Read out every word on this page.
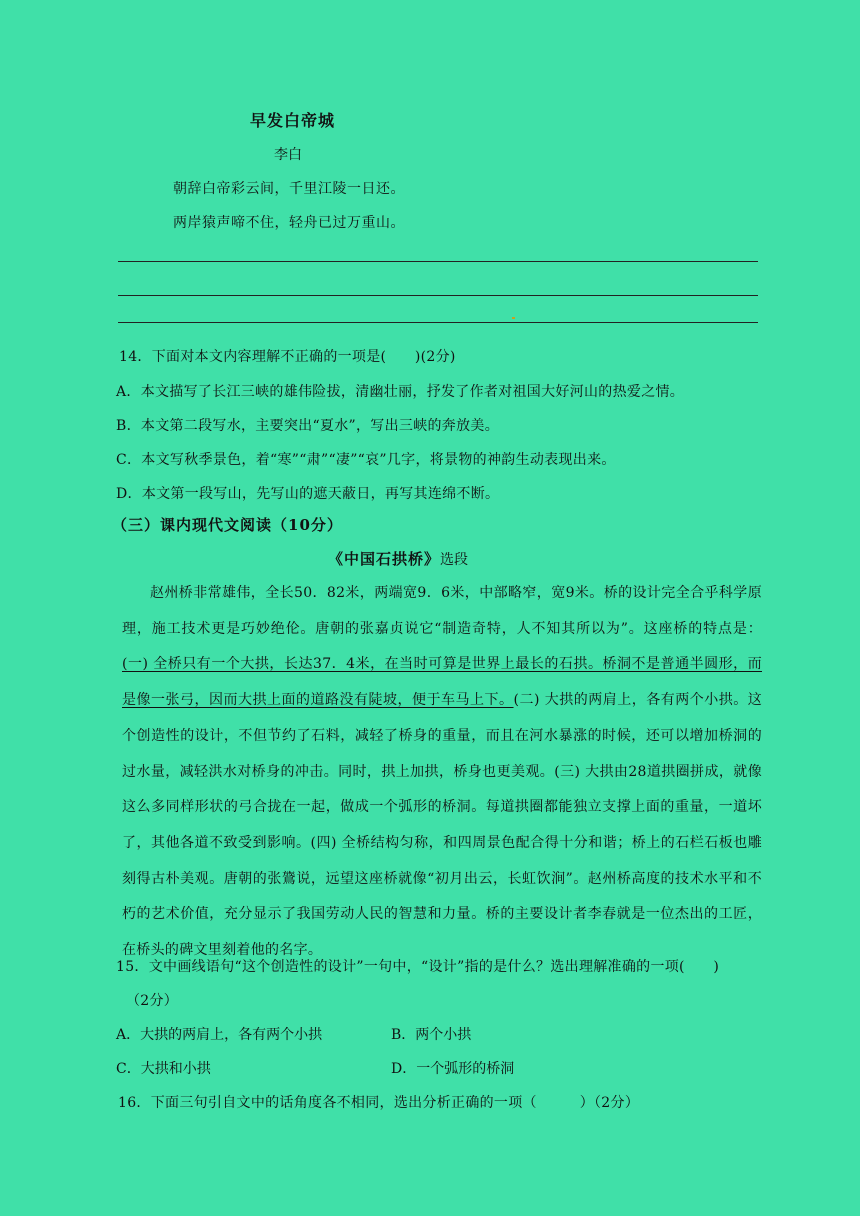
早发白帝城
李白
朝辞白帝彩云间，千里江陵一日还。
两岸猿声啼不住，轻舟已过万重山。
14．下面对本文内容理解不正确的一项是(　　)(2分)
A．本文描写了长江三峡的雄伟险拔，清幽壮丽，抒发了作者对祖国大好河山的热爱之情。
B．本文第二段写水，主要突出“夏水”，写出三峡的奔放美。
C．本文写秋季景色，着“寒”“肃”“凄”“哀”几字，将景物的神韵生动表现出来。
D．本文第一段写山，先写山的遮天蔽日，再写其连绵不断。
（三）课内现代文阅读（10分）
《中国石拱桥》选段
赵州桥非常雄伟，全长50．82米，两端宽9．6米，中部略窄，宽9米。桥的设计完全合乎科学原理，施工技术更是巧妙绝伦。唐朝的张嘉贞说它“制造奇特，人不知其所以为”。这座桥的特点是：(一) 全桥只有一个大拱，长达37．4米，在当时可算是世界上最长的石拱。桥洞不是普通半圆形，而是像一张弓，因而大拱上面的道路没有陡坡，便于车马上下。(二) 大拱的两肩上，各有两个小拱。这个创造性的设计，不但节约了石料，减轻了桥身的重量，而且在河水暴涨的时候，还可以增加桥洞的过水量，减轻洪水对桥身的冲击。同时，拱上加拱，桥身也更美观。(三) 大拱由28道拱圈拼成，就像这么多同样形状的弓合拢在一起，做成一个弧形的桥洞。每道拱圈都能独立支撑上面的重量，一道坏了，其他各道不致受到影响。(四) 全桥结构匀称，和四周景色配合得十分和谐；桥上的石栏石板也雕刻得古朴美观。唐朝的张鷟说，远望这座桥就像“初月出云，长虹饮涧”。赵州桥高度的技术水平和不朽的艺术价值，充分显示了我国劳动人民的智慧和力量。桥的主要设计者李春就是一位杰出的工匠，在桥头的碑文里刻着他的名字。
15．文中画线语句“这个创造性的设计”一句中，“设计”指的是什么？选出理解准确的一项(　　)
（2分）
A．大拱的两肩上，各有两个小拱	B．两个小拱
C．大拱和小拱	D．一个弧形的桥洞
16．下面三句引自文中的话角度各不相同，选出分析正确的一项（　　　）（2分）
